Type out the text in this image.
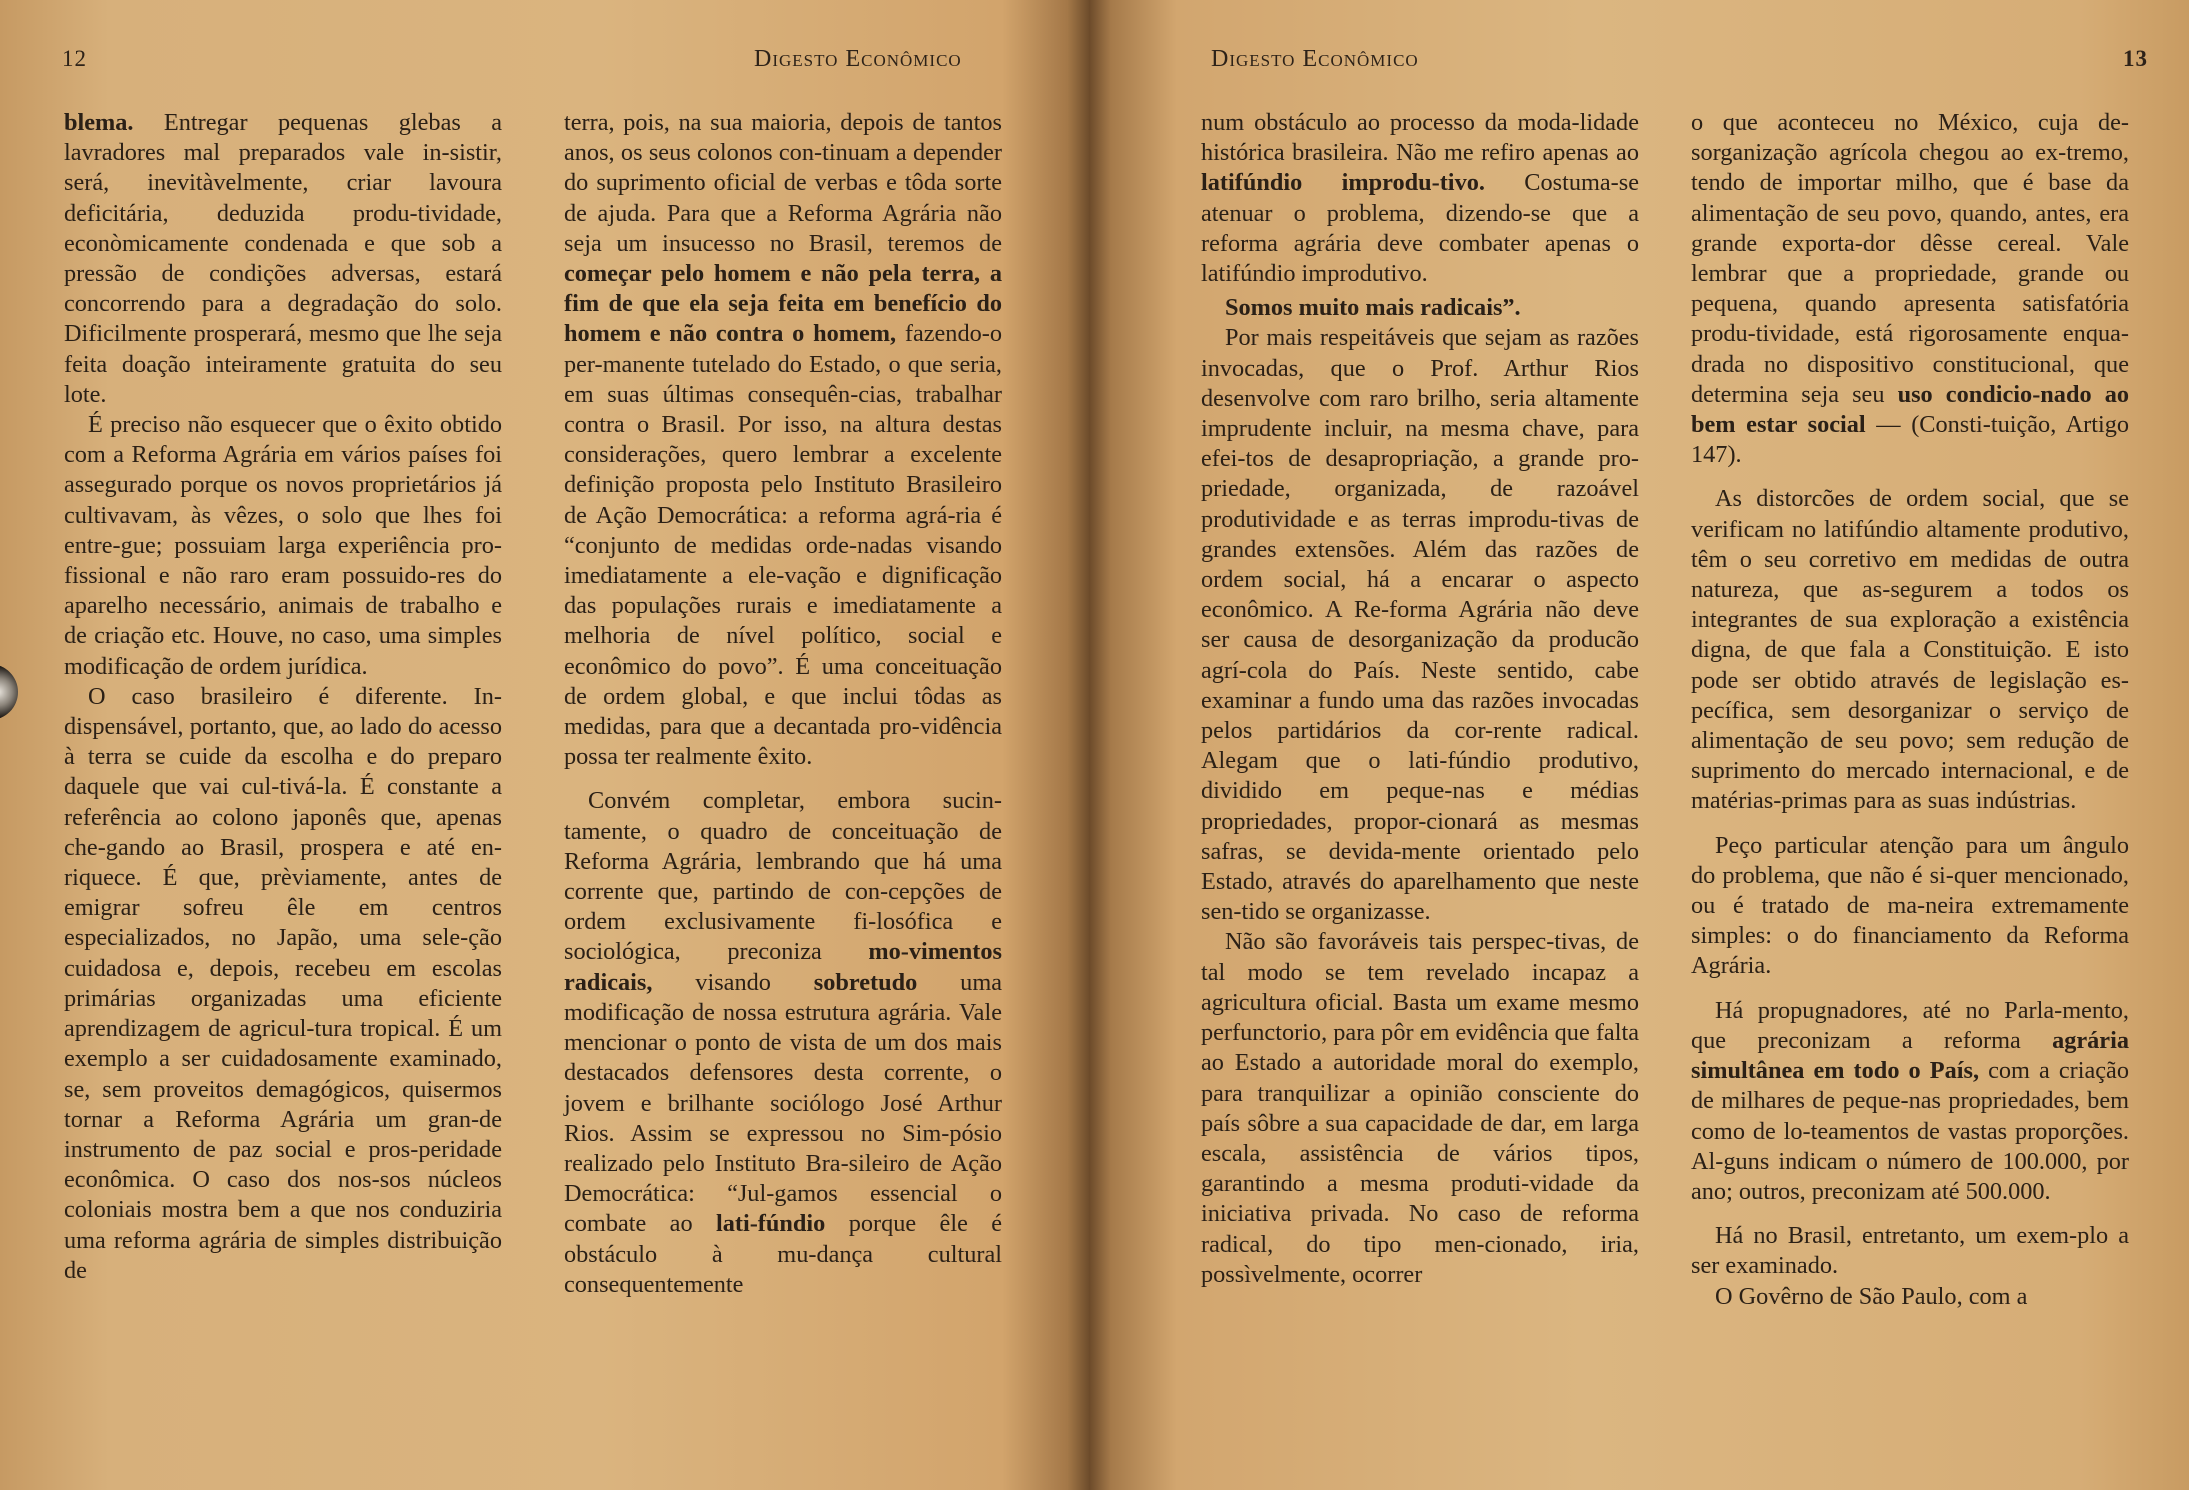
12	Digesto Econômico

blema. Entregar pequenas glebas a lavradores mal preparados vale in-sistir, será, inevitàvelmente, criar lavoura deficitária, deduzida produ-tividade, econòmicamente condenada e que sob a pressão de condições adversas, estará concorrendo para a degradação do solo. Dificilmente prosperará, mesmo que lhe seja feita doação inteiramente gratuita do seu lote.

É preciso não esquecer que o êxito obtido com a Reforma Agrária em vários países foi assegurado porque os novos proprietários já cultivavam, às vêzes, o solo que lhes foi entre-gue; possuiam larga experiência pro-fissional e não raro eram possuido-res do aparelho necessário, animais de trabalho e de criação etc. Houve, no caso, uma simples modificação de ordem jurídica.

O caso brasileiro é diferente. In-dispensável, portanto, que, ao lado do acesso à terra se cuide da escolha e do preparo daquele que vai cul-tivá-la. É constante a referência ao colono japonês que, apenas che-gando ao Brasil, prospera e até en-riquece. É que, prèviamente, antes de emigrar sofreu êle em centros especializados, no Japão, uma sele-ção cuidadosa e, depois, recebeu em escolas primárias organizadas uma eficiente aprendizagem de agricul-tura tropical. É um exemplo a ser cuidadosamente examinado, se, sem proveitos demagógicos, quisermos tornar a Reforma Agrária um gran-de instrumento de paz social e pros-peridade econômica. O caso dos nos-sos núcleos coloniais mostra bem a que nos conduziria uma reforma agrária de simples distribuição de

terra, pois, na sua maioria, depois de tantos anos, os seus colonos con-tinuam a depender do suprimento oficial de verbas e tôda sorte de ajuda. Para que a Reforma Agrária não seja um insucesso no Brasil, teremos de começar pelo homem e não pela terra, a fim de que ela seja feita em benefício do homem e não contra o homem, fazendo-o per-manente tutelado do Estado, o que seria, em suas últimas consequên-cias, trabalhar contra o Brasil. Por isso, na altura destas considerações, quero lembrar a excelente definição proposta pelo Instituto Brasileiro de Ação Democrática: a reforma agrá-ria é “conjunto de medidas orde-nadas visando imediatamente a ele-vação e dignificação das populações rurais e imediatamente a melhoria de nível político, social e econômico do povo”. É uma conceituação de ordem global, e que inclui tôdas as medidas, para que a decantada pro-vidência possa ter realmente êxito.

Convém completar, embora sucin-tamente, o quadro de conceituação de Reforma Agrária, lembrando que há uma corrente que, partindo de con-cepções de ordem exclusivamente fi-losófica e sociológica, preconiza mo-vimentos radicais, visando sobretudo uma modificação de nossa estrutura agrária. Vale mencionar o ponto de vista de um dos mais destacados defensores desta corrente, o jovem e brilhante sociólogo José Arthur Rios. Assim se expressou no Sim-pósio realizado pelo Instituto Bra-sileiro de Ação Democrática: “Jul-gamos essencial o combate ao lati-fúndio porque êle é obstáculo à mu-dança cultural consequentemente

Digesto Econômico	13

num obstáculo ao processo da moda-lidade histórica brasileira. Não me refiro apenas ao latifúndio improdu-tivo. Costuma-se atenuar o problema, dizendo-se que a reforma agrária deve combater apenas o latifúndio improdutivo.

Somos muito mais radicais”.

Por mais respeitáveis que sejam as razões invocadas, que o Prof. Arthur Rios desenvolve com raro brilho, seria altamente imprudente incluir, na mesma chave, para efei-tos de desapropriação, a grande pro-priedade, organizada, de razoável produtividade e as terras improdu-tivas de grandes extensões. Além das razões de ordem social, há a encarar o aspecto econômico. A Re-forma Agrária não deve ser causa de desorganização da producão agrí-cola do País. Neste sentido, cabe examinar a fundo uma das razões invocadas pelos partidários da cor-rente radical. Alegam que o lati-fúndio produtivo, dividido em peque-nas e médias propriedades, propor-cionará as mesmas safras, se devida-mente orientado pelo Estado, através do aparelhamento que neste sen-tido se organizasse.

Não são favoráveis tais perspec-tivas, de tal modo se tem revelado incapaz a agricultura oficial. Basta um exame mesmo perfunctorio, para pôr em evidência que falta ao Estado a autoridade moral do exemplo, para tranquilizar a opinião consciente do país sôbre a sua capacidade de dar, em larga escala, assistência de vários tipos, garantindo a mesma produti-vidade da iniciativa privada. No caso de reforma radical, do tipo men-cionado, iria, possìvelmente, ocorrer

o que aconteceu no México, cuja de-sorganização agrícola chegou ao ex-tremo, tendo de importar milho, que é base da alimentação de seu povo, quando, antes, era grande exporta-dor dêsse cereal. Vale lembrar que a propriedade, grande ou pequena, quando apresenta satisfatória produ-tividade, está rigorosamente enqua-drada no dispositivo constitucional, que determina seja seu uso condicio-nado ao bem estar social — (Consti-tuição, Artigo 147).

As distorcões de ordem social, que se verificam no latifúndio altamente produtivo, têm o seu corretivo em medidas de outra natureza, que as-segurem a todos os integrantes de sua exploração a existência digna, de que fala a Constituição. E isto pode ser obtido através de legislação es-pecífica, sem desorganizar o serviço de alimentação de seu povo; sem redução de suprimento do mercado internacional, e de matérias-primas para as suas indústrias.

Peço particular atenção para um ângulo do problema, que não é si-quer mencionado, ou é tratado de ma-neira extremamente simples: o do financiamento da Reforma Agrária.

Há propugnadores, até no Parla-mento, que preconizam a reforma agrária simultânea em todo o País, com a criação de milhares de peque-nas propriedades, bem como de lo-teamentos de vastas proporções. Al-guns indicam o número de 100.000, por ano; outros, preconizam até 500.000.

Há no Brasil, entretanto, um exem-plo a ser examinado.

O Govêrno de São Paulo, com a
